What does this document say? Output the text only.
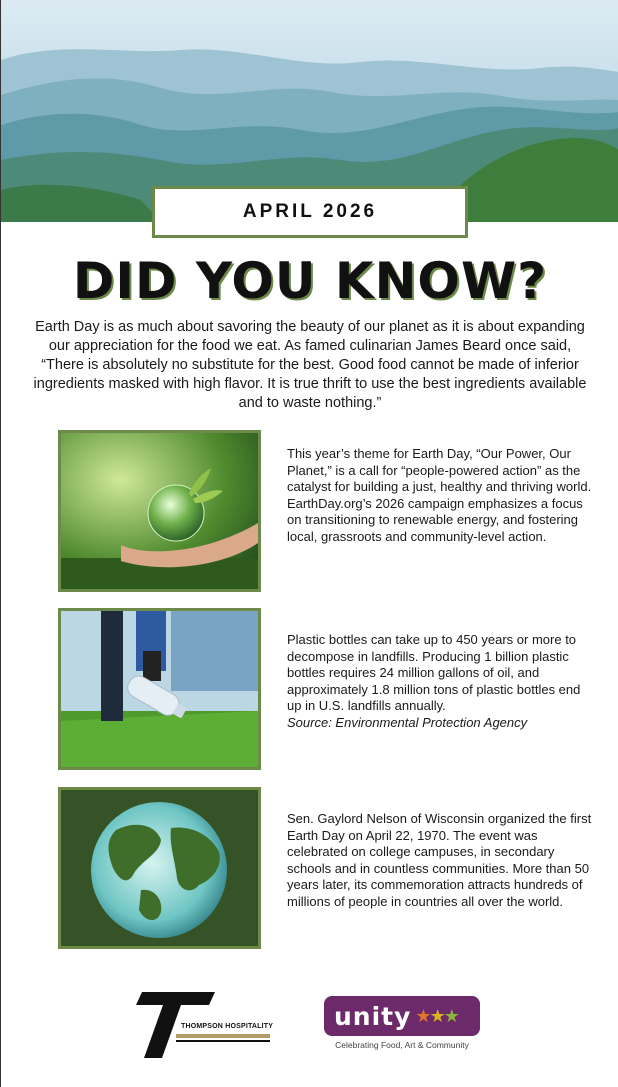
APRIL 2026
DID YOU KNOW?
Earth Day is as much about savoring the beauty of our planet as it is about expanding our appreciation for the food we eat. As famed culinarian James Beard once said, “There is absolutely no substitute for the best. Good food cannot be made of inferior ingredients masked with high flavor. It is true thrift to use the best ingredients available and to waste nothing.”
This year’s theme for Earth Day, “Our Power, Our Planet,” is a call for “people-powered action” as the catalyst for building a just, healthy and thriving world. EarthDay.org’s 2026 campaign emphasizes a focus on transitioning to renewable energy, and fostering local, grassroots and community-level action.
Plastic bottles can take up to 450 years or more to decompose in landfills. Producing 1 billion plastic bottles requires 24 million gallons of oil, and approximately 1.8 million tons of plastic bottles end up in U.S. landfills annually.
Source: Environmental Protection Agency
Sen. Gaylord Nelson of Wisconsin organized the first Earth Day on April 22, 1970. The event was celebrated on college campuses, in secondary schools and in countless communities. More than 50 years later, its commemoration attracts hundreds of millions of people in countries all over the world.
THOMPSON HOSPITALITY unity ★★★
Celebrating Food, Art & Community
